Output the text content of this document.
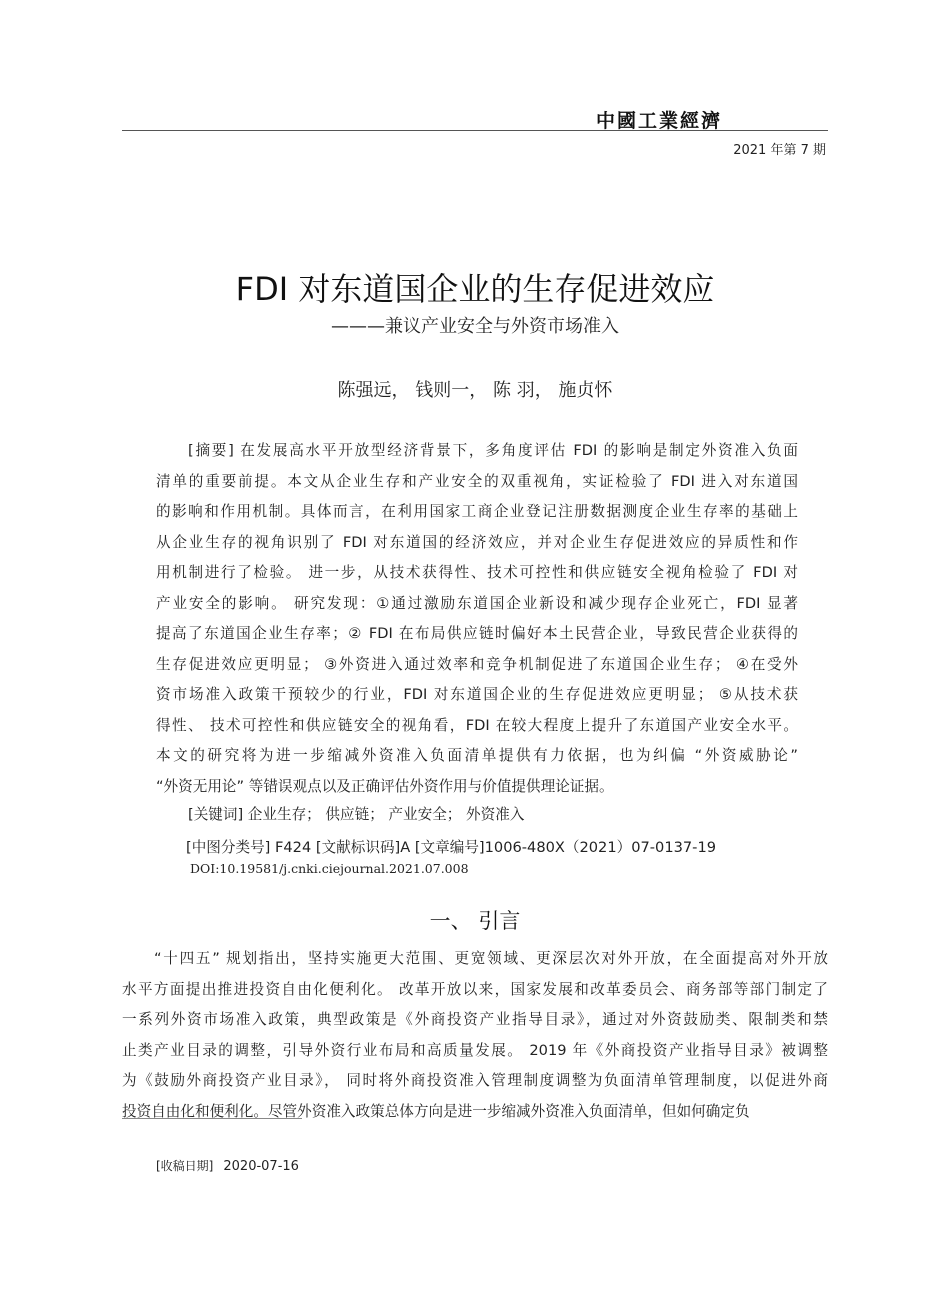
中國工業經濟
2021 年第 7 期
FDI 对东道国企业的生存促进效应
———兼议产业安全与外资市场准入
陈强远， 钱则一， 陈 羽， 施贞怀
[摘要] 在发展高水平开放型经济背景下，多角度评估 FDI 的影响是制定外资准入负面
清单的重要前提。本文从企业生存和产业安全的双重视角，实证检验了 FDI 进入对东道国
的影响和作用机制。具体而言，在利用国家工商企业登记注册数据测度企业生存率的基础上
从企业生存的视角识别了 FDI 对东道国的经济效应，并对企业生存促进效应的异质性和作
用机制进行了检验。 进一步，从技术获得性、技术可控性和供应链安全视角检验了 FDI 对
产业安全的影响。 研究发现：①通过激励东道国企业新设和减少现存企业死亡，FDI 显著
提高了东道国企业生存率；② FDI 在布局供应链时偏好本土民营企业，导致民营企业获得的
生存促进效应更明显； ③外资进入通过效率和竞争机制促进了东道国企业生存； ④在受外
资市场准入政策干预较少的行业，FDI 对东道国企业的生存促进效应更明显； ⑤从技术获
得性、 技术可控性和供应链安全的视角看，FDI 在较大程度上提升了东道国产业安全水平。
本文的研究将为进一步缩减外资准入负面清单提供有力依据，也为纠偏 “外资威胁论”
“外资无用论” 等错误观点以及正确评估外资作用与价值提供理论证据。
[关键词] 企业生存； 供应链； 产业安全； 外资准入
[中图分类号] F424 [文献标识码]A [文章编号]1006-480X（2021）07-0137-19
DOI:10.19581/j.cnki.ciejournal.2021.07.008
一、 引言
“十四五” 规划指出，坚持实施更大范围、更宽领域、更深层次对外开放，在全面提高对外开放
水平方面提出推进投资自由化便利化。 改革开放以来，国家发展和改革委员会、商务部等部门制定了
一系列外资市场准入政策，典型政策是《外商投资产业指导目录》，通过对外资鼓励类、限制类和禁
止类产业目录的调整，引导外资行业布局和高质量发展。 2019 年《外商投资产业指导目录》被调整
为《鼓励外商投资产业目录》， 同时将外商投资准入管理制度调整为负面清单管理制度，以促进外商
投资自由化和便利化。尽管外资准入政策总体方向是进一步缩减外资准入负面清单，但如何确定负
[收稿日期] 2020-07-16
